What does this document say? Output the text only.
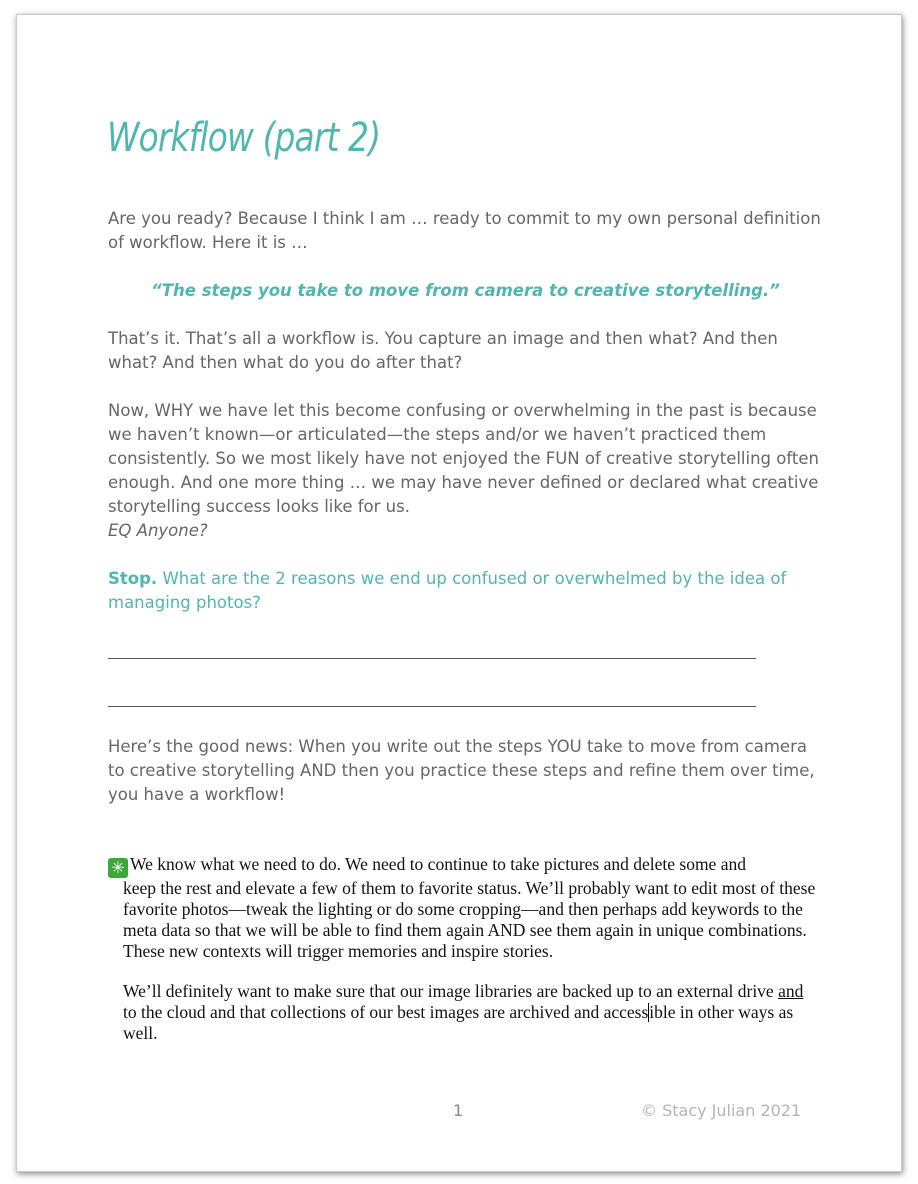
Workflow (part 2)

Are you ready? Because I think I am … ready to commit to my own personal definition of workflow. Here it is …

“The steps you take to move from camera to creative storytelling.”

That’s it. That’s all a workflow is. You capture an image and then what? And then what? And then what do you do after that?

Now, WHY we have let this become confusing or overwhelming in the past is because we haven’t known—or articulated—the steps and/or we haven’t practiced them consistently. So we most likely have not enjoyed the FUN of creative storytelling often enough. And one more thing … we may have never defined or declared what creative storytelling success looks like for us.
EQ Anyone?

Stop. What are the 2 reasons we end up confused or overwhelmed by the idea of managing photos?

Here’s the good news: When you write out the steps YOU take to move from camera to creative storytelling AND then you practice these steps and refine them over time, you have a workflow!

✳ We know what we need to do. We need to continue to take pictures and delete some and
keep the rest and elevate a few of them to favorite status. We’ll probably want to edit most of these favorite photos—tweak the lighting or do some cropping—and then perhaps add keywords to the meta data so that we will be able to find them again AND see them again in unique combinations. These new contexts will trigger memories and inspire stories.
We’ll definitely want to make sure that our image libraries are backed up to an external drive and to the cloud and that collections of our best images are archived and accessible in other ways as well.

1	© Stacy Julian 2021
